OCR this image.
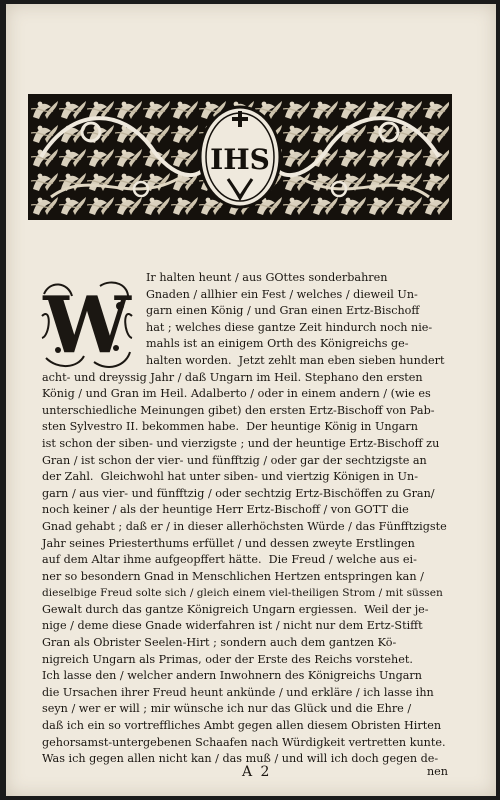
IHS
W
Ir halten heunt / aus GOttes sonderbahren
Gnaden / allhier ein Fest / welches / dieweil Un-
garn einen König / und Gran einen Ertz-Bischoff
hat ; welches diese gantze Zeit hindurch noch nie-
mahls ist an einigem Orth des Königreichs ge-
halten worden.  Jetzt zehlt man eben sieben hundert
acht- und dreyssig Jahr / daß Ungarn im Heil. Stephano den ersten
König / und Gran im Heil. Adalberto / oder in einem andern / (wie es
unterschiedliche Meinungen gibet) den ersten Ertz-Bischoff von Pab-
sten Sylvestro II. bekommen habe.  Der heuntige König in Ungarn
ist schon der siben- und vierzigste ; und der heuntige Ertz-Bischoff zu
Gran / ist schon der vier- und fünfftzig / oder gar der sechtzigste an
der Zahl.  Gleichwohl hat unter siben- und viertzig Königen in Un-
garn / aus vier- und fünfftzig / oder sechtzig Ertz-Bischöffen zu Gran/
noch keiner / als der heuntige Herr Ertz-Bischoff / von GOTT die
Gnad gehabt ; daß er / in dieser allerhöchsten Würde / das Fünfftzigste
Jahr seines Priesterthums erfüllet / und dessen zweyte Erstlingen
auf dem Altar ihme aufgeopffert hätte.  Die Freud / welche aus ei-
ner so besondern Gnad in Menschlichen Hertzen entspringen kan /
dieselbige Freud solte sich / gleich einem viel-theiligen Strom / mit süssen
Gewalt durch das gantze Königreich Ungarn ergiessen.  Weil der je-
nige / deme diese Gnade widerfahren ist / nicht nur dem Ertz-Stifft
Gran als Obrister Seelen-Hirt ; sondern auch dem gantzen Kö-
nigreich Ungarn als Primas, oder der Erste des Reichs vorstehet.
Ich lasse den / welcher andern Inwohnern des Königreichs Ungarn
die Ursachen ihrer Freud heunt ankünde / und erkläre / ich lasse ihn
seyn / wer er will ; mir wünsche ich nur das Glück und die Ehre /
daß ich ein so vortreffliches Ambt gegen allen diesem Obristen Hirten
gehorsamst-untergebenen Schaafen nach Würdigkeit vertretten kunte.
Was ich gegen allen nicht kan / das muß / und will ich doch gegen de-
A 2	nen
